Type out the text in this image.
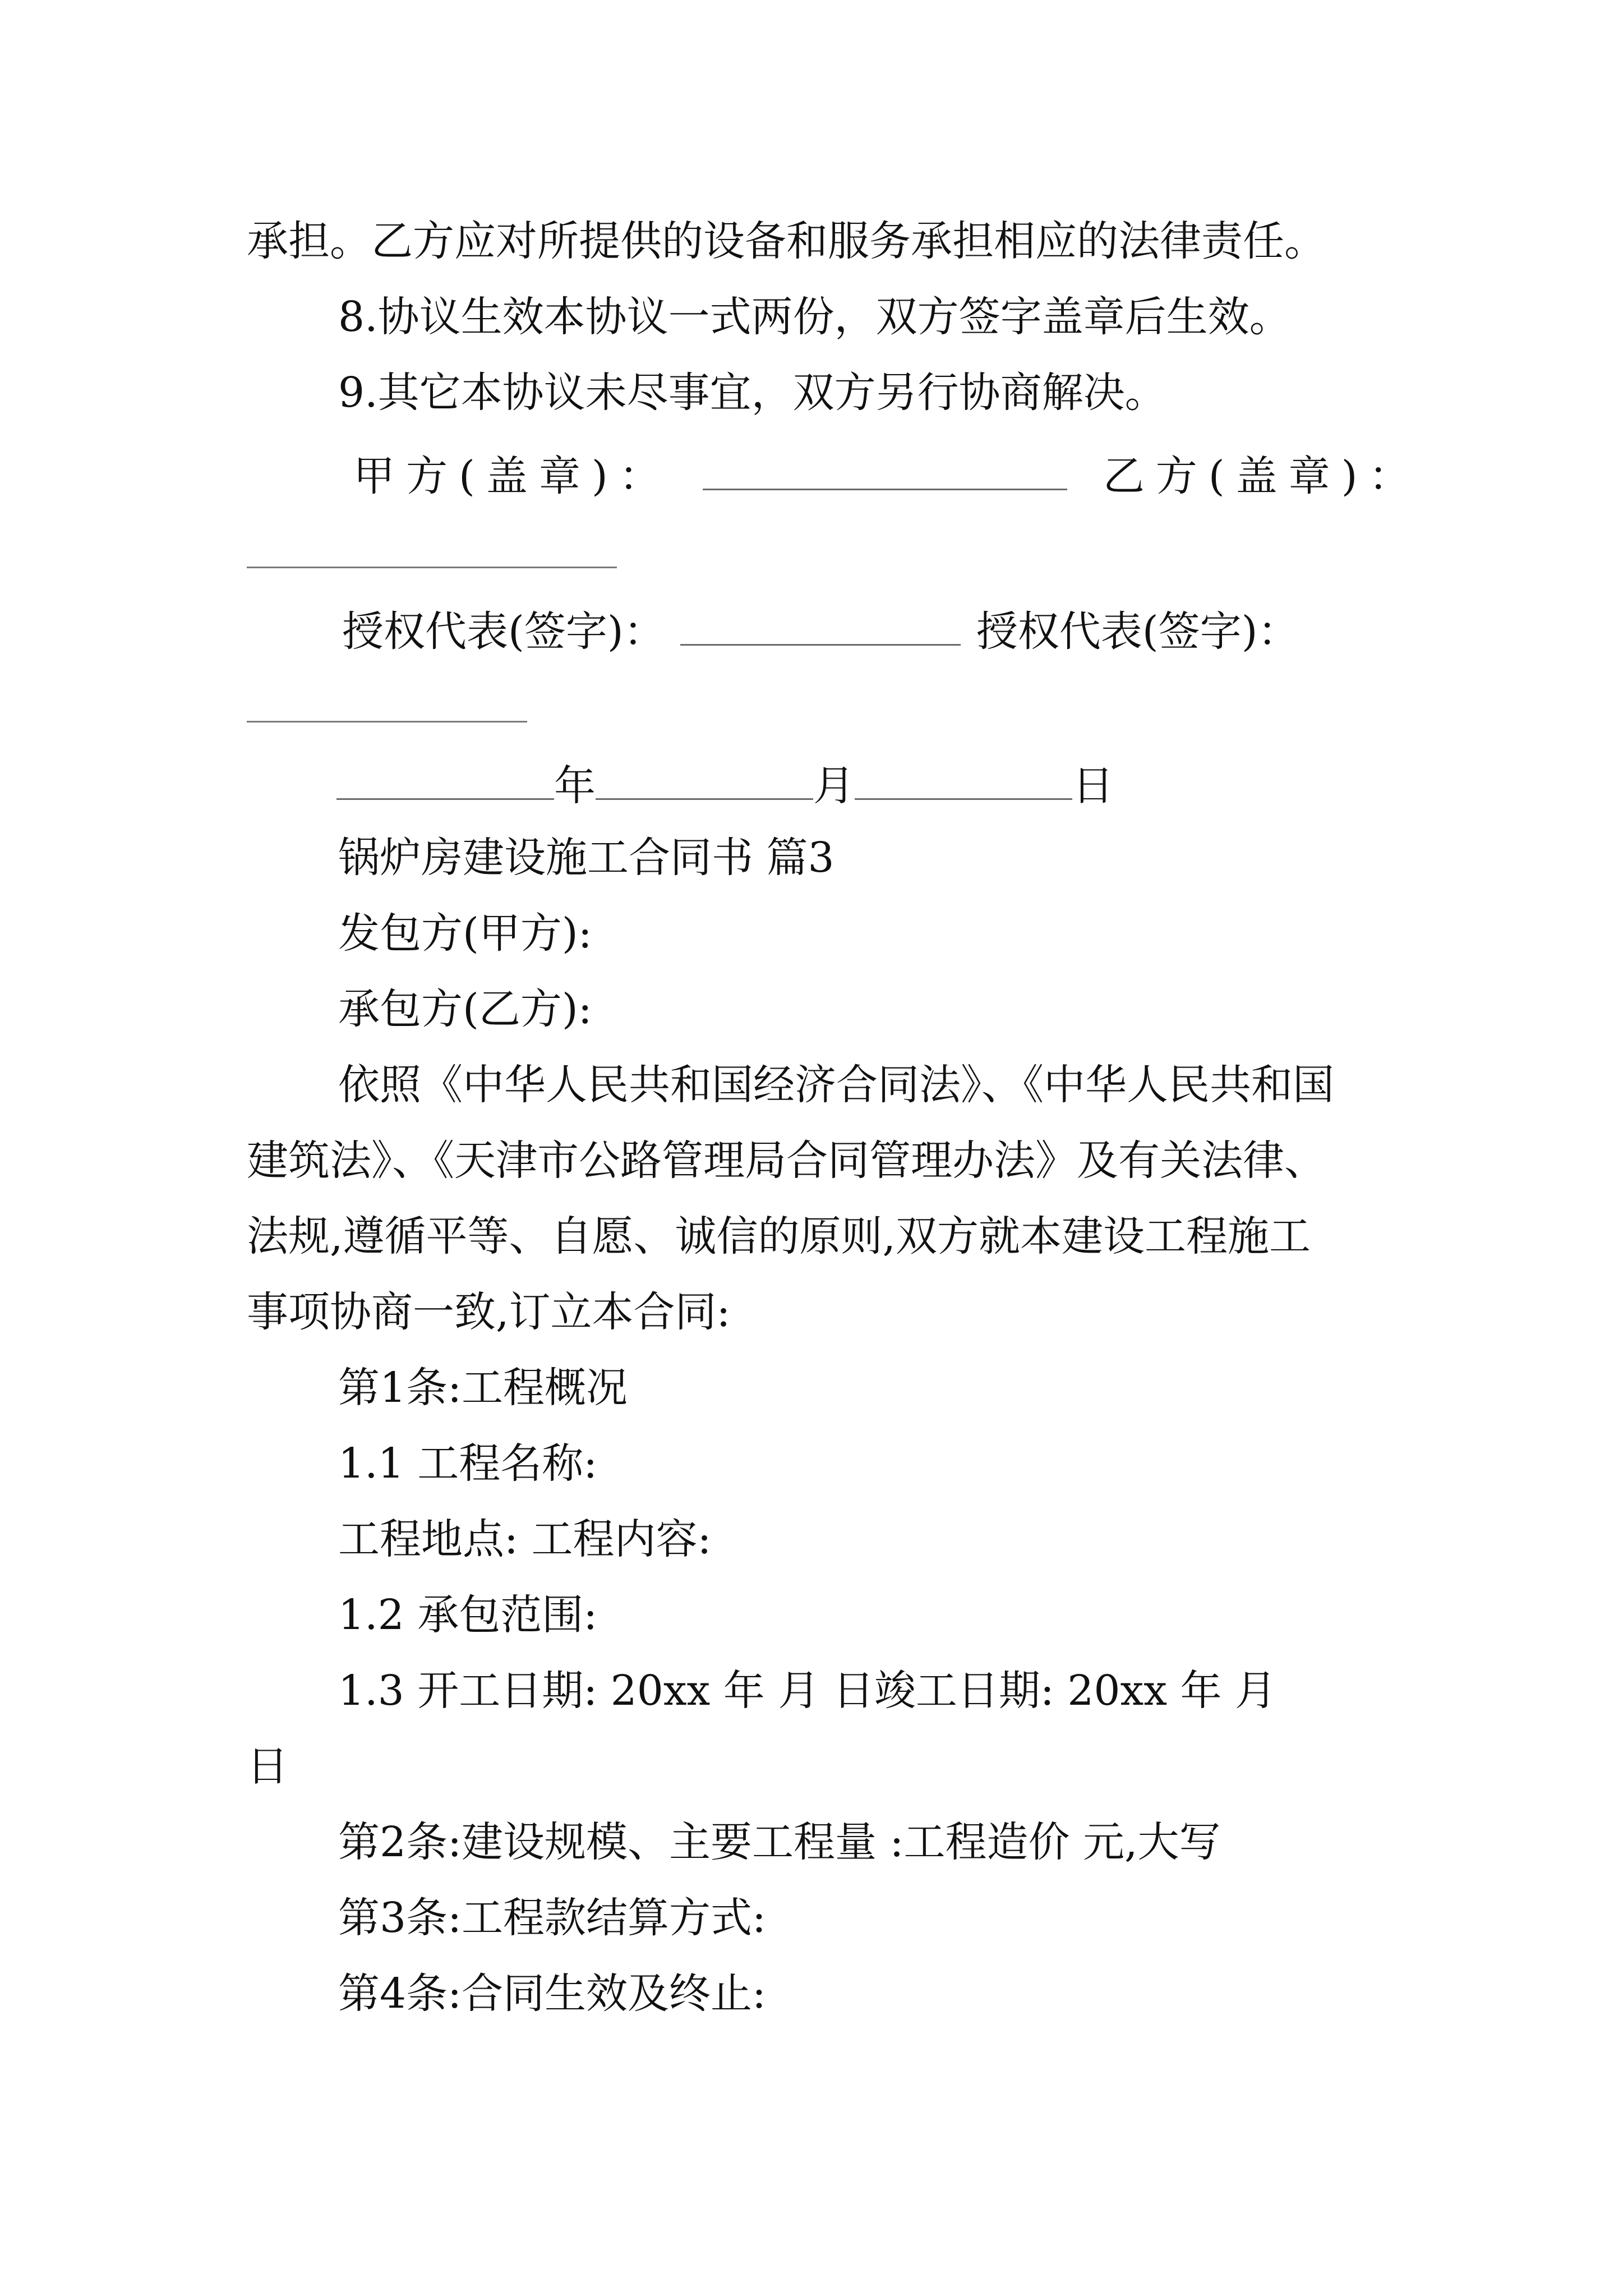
承担。乙方应对所提供的设备和服务承担相应的法律责任。
8.协议生效本协议一式两份，双方签字盖章后生效。
9.其它本协议未尽事宜，双方另行协商解决。
甲方(盖章)：	乙方(盖章)：
授权代表(签字)：	授权代表(签字)：
年	月	日
锅炉房建设施工合同书 篇3
发包方(甲方):
承包方(乙方):
依照《中华人民共和国经济合同法》、《中华人民共和国
建筑法》、《天津市公路管理局合同管理办法》及有关法律、
法规,遵循平等、自愿、诚信的原则,双方就本建设工程施工
事项协商一致,订立本合同:
第1条:工程概况
1.1 工程名称:
工程地点: 工程内容:
1.2 承包范围:
1.3 开工日期: 20xx 年 月 日竣工日期: 20xx 年 月
日
第2条:建设规模、主要工程量 :工程造价 元,大写
第3条:工程款结算方式:
第4条:合同生效及终止:
